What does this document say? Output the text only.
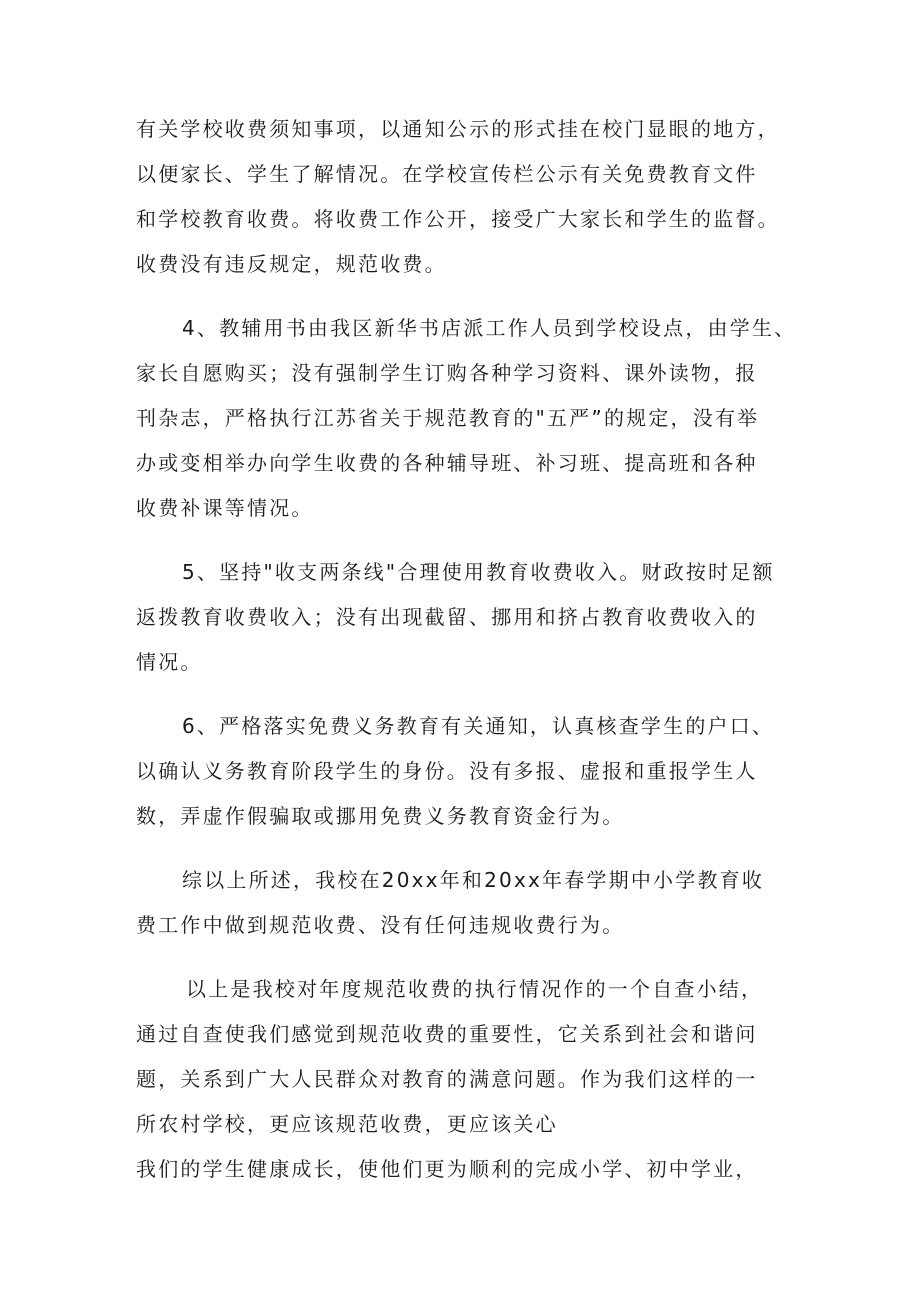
有关学校收费须知事项，以通知公示的形式挂在校门显眼的地方，
以便家长、学生了解情况。在学校宣传栏公示有关免费教育文件
和学校教育收费。将收费工作公开，接受广大家长和学生的监督。
收费没有违反规定，规范收费。
4、教辅用书由我区新华书店派工作人员到学校设点，由学生、
家长自愿购买；没有强制学生订购各种学习资料、课外读物，报
刊杂志，严格执行江苏省关于规范教育的"五严”的规定，没有举
办或变相举办向学生收费的各种辅导班、补习班、提高班和各种
收费补课等情况。
5、坚持"收支两条线"合理使用教育收费收入。财政按时足额
返拨教育收费收入；没有出现截留、挪用和挤占教育收费收入的
情况。
6、严格落实免费义务教育有关通知，认真核查学生的户口、
以确认义务教育阶段学生的身份。没有多报、虚报和重报学生人
数，弄虚作假骗取或挪用免费义务教育资金行为。
综以上所述，我校在20xx年和20xx年春学期中小学教育收
费工作中做到规范收费、没有任何违规收费行为。
以上是我校对年度规范收费的执行情况作的一个自查小结，
通过自查使我们感觉到规范收费的重要性，它关系到社会和谐问
题，关系到广大人民群众对教育的满意问题。作为我们这样的一
所农村学校，更应该规范收费，更应该关心
我们的学生健康成长，使他们更为顺利的完成小学、初中学业，
